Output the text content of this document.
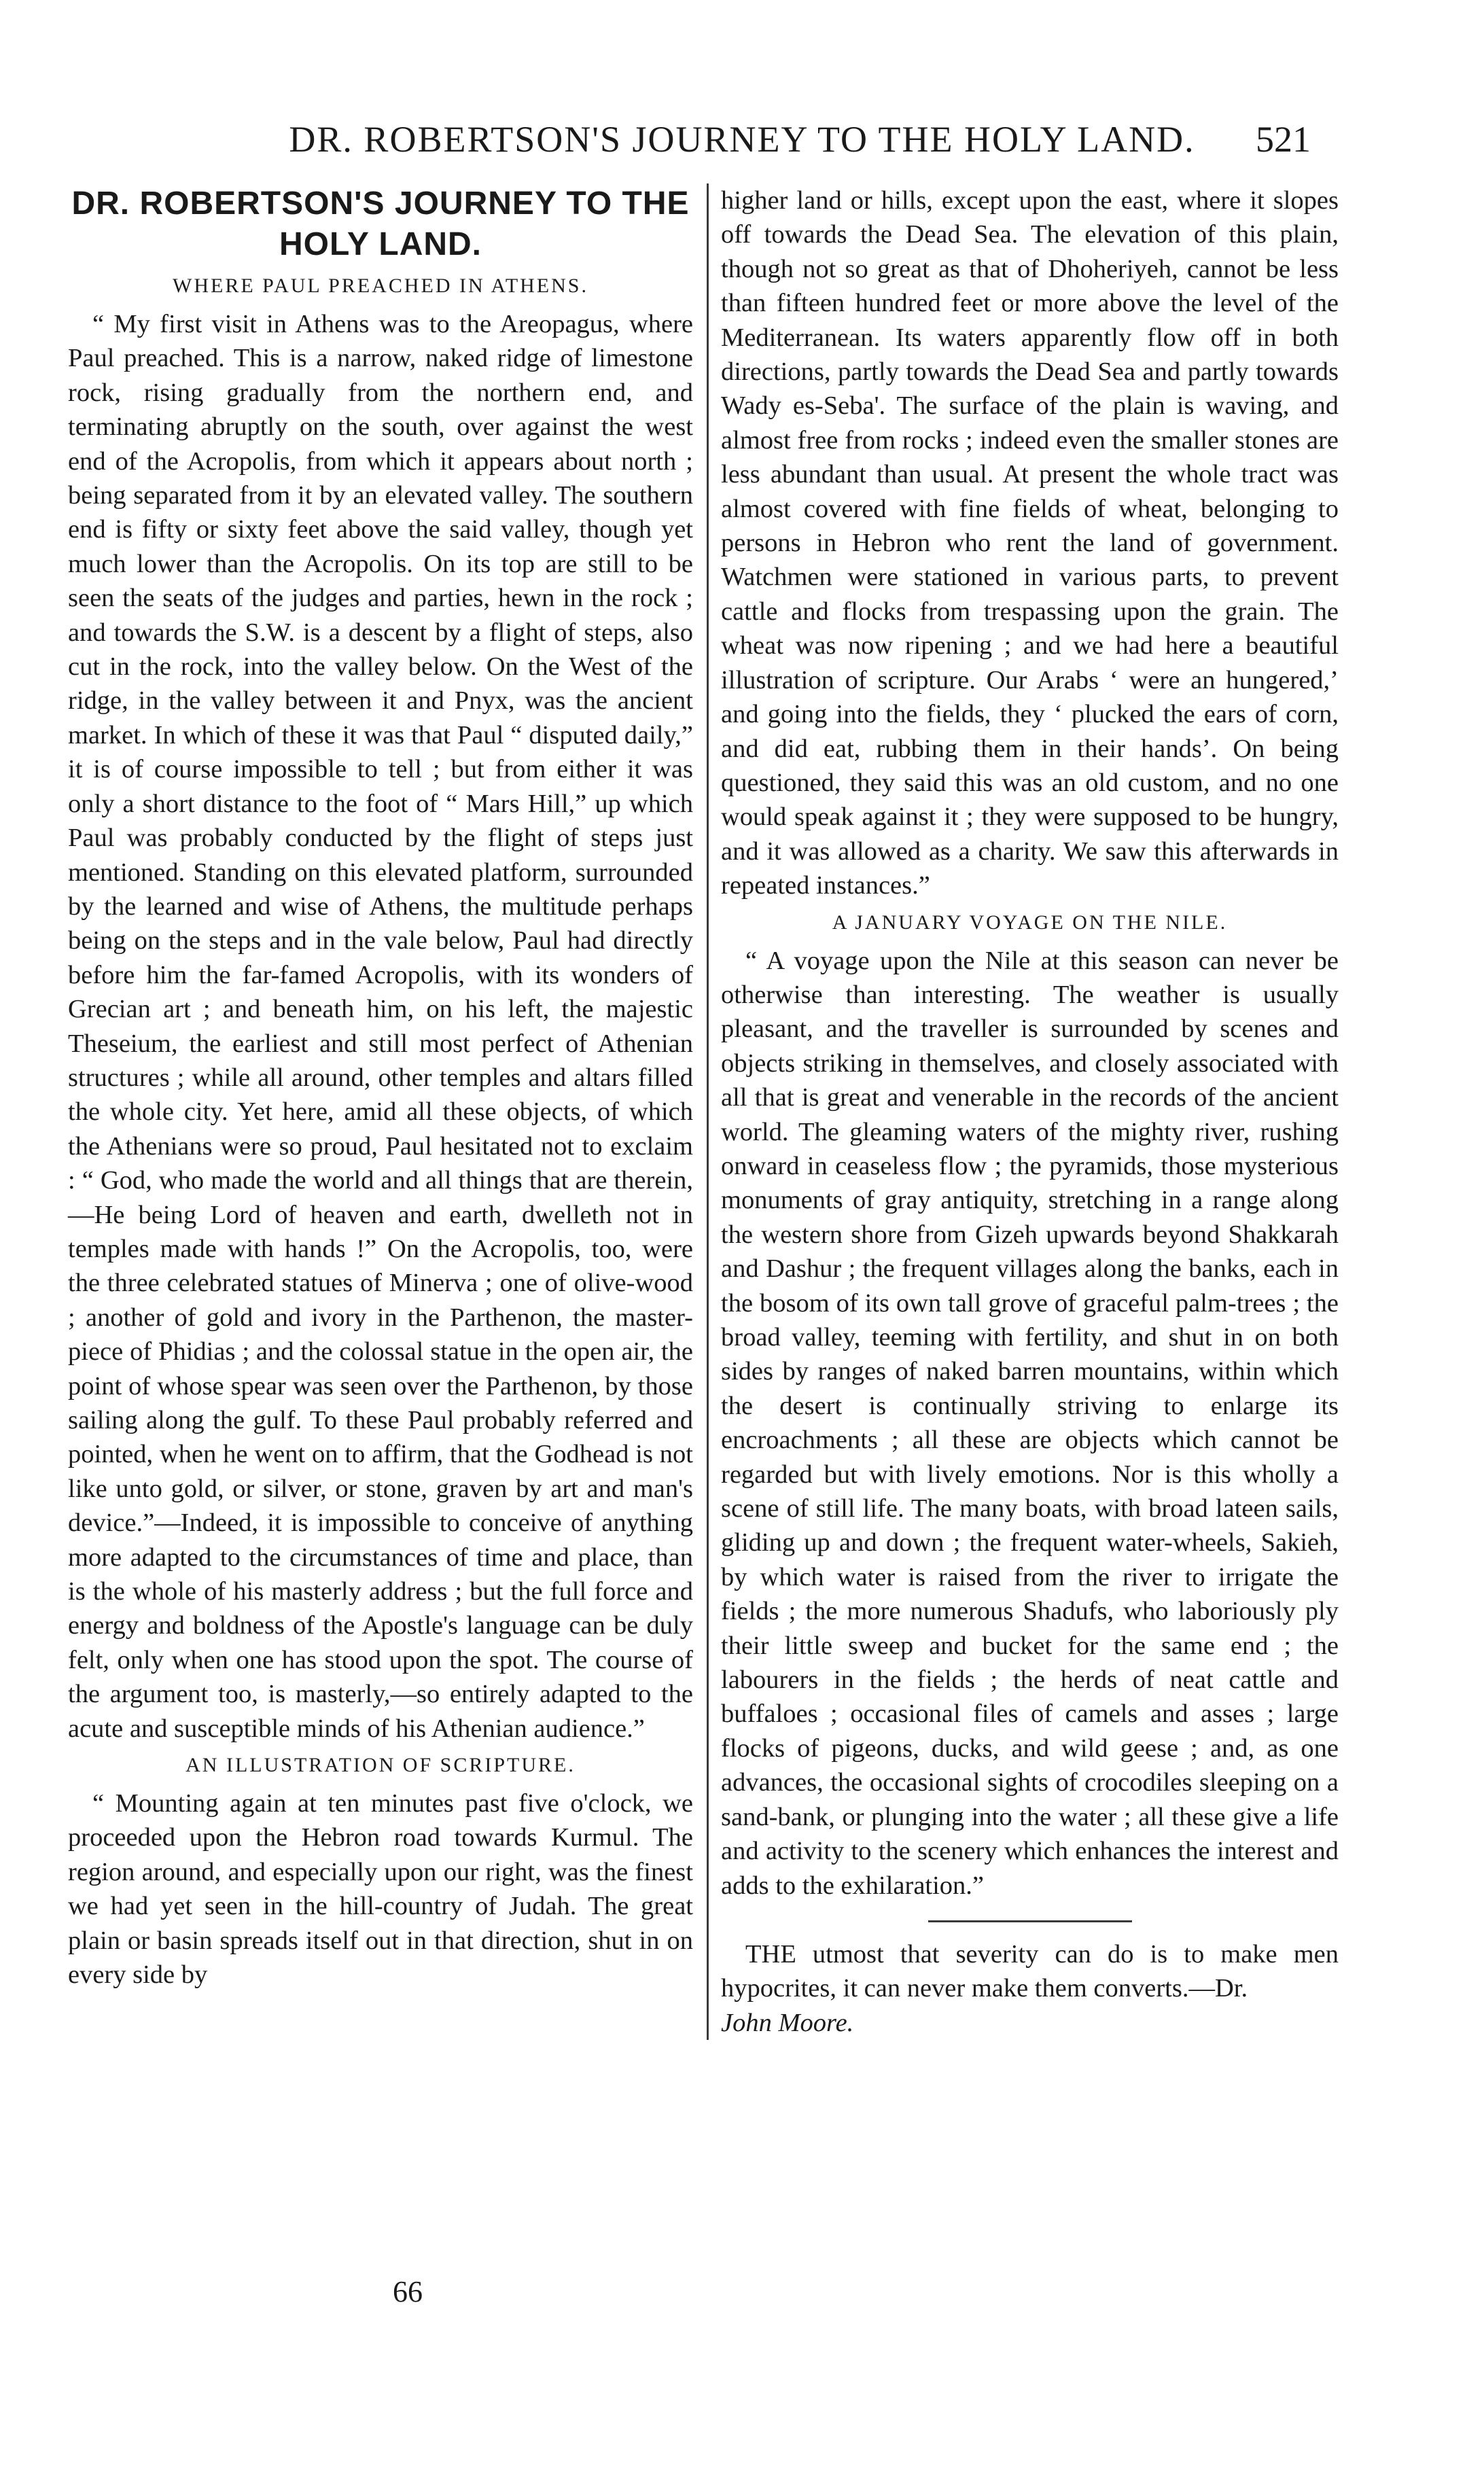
DR. ROBERTSON'S JOURNEY TO THE HOLY LAND.	521
DR. ROBERTSON'S JOURNEY TO THE HOLY LAND.
WHERE PAUL PREACHED IN ATHENS.

“ My first visit in Athens was to the Areopagus, where Paul preached. This is a narrow, naked ridge of limestone rock, rising gradually from the northern end, and terminating abruptly on the south, over against the west end of the Acropolis, from which it appears about north ; being separated from it by an elevated valley. The southern end is fifty or sixty feet above the said valley, though yet much lower than the Acropolis. On its top are still to be seen the seats of the judges and parties, hewn in the rock ; and towards the S.W. is a descent by a flight of steps, also cut in the rock, into the valley below. On the West of the ridge, in the valley between it and Pnyx, was the ancient market. In which of these it was that Paul “ disputed daily,” it is of course impossible to tell ; but from either it was only a short distance to the foot of “ Mars Hill,” up which Paul was probably conducted by the flight of steps just mentioned. Standing on this elevated platform, surrounded by the learned and wise of Athens, the multitude perhaps being on the steps and in the vale below, Paul had directly before him the far-famed Acropolis, with its wonders of Grecian art ; and beneath him, on his left, the majestic Theseium, the earliest and still most perfect of Athenian structures ; while all around, other temples and altars filled the whole city. Yet here, amid all these objects, of which the Athenians were so proud, Paul hesitated not to exclaim : “ God, who made the world and all things that are therein,—He being Lord of heaven and earth, dwelleth not in temples made with hands !” On the Acropolis, too, were the three celebrated statues of Minerva ; one of olive-wood ; another of gold and ivory in the Parthenon, the master-piece of Phidias ; and the colossal statue in the open air, the point of whose spear was seen over the Parthenon, by those sailing along the gulf. To these Paul probably referred and pointed, when he went on to affirm, that the Godhead is not like unto gold, or silver, or stone, graven by art and man's device.”—Indeed, it is impossible to conceive of anything more adapted to the circumstances of time and place, than is the whole of his masterly address ; but the full force and energy and boldness of the Apostle's language can be duly felt, only when one has stood upon the spot. The course of the argument too, is masterly,—so entirely adapted to the acute and susceptible minds of his Athenian audience.”

AN ILLUSTRATION OF SCRIPTURE.

“ Mounting again at ten minutes past five o'clock, we proceeded upon the Hebron road towards Kurmul. The region around, and especially upon our right, was the finest we had yet seen in the hill-country of Judah. The great plain or basin spreads itself out in that direction, shut in on every side by

higher land or hills, except upon the east, where it slopes off towards the Dead Sea. The elevation of this plain, though not so great as that of Dhoheriyeh, cannot be less than fifteen hundred feet or more above the level of the Mediterranean. Its waters apparently flow off in both directions, partly towards the Dead Sea and partly towards Wady es-Seba'. The surface of the plain is waving, and almost free from rocks ; indeed even the smaller stones are less abundant than usual. At present the whole tract was almost covered with fine fields of wheat, belonging to persons in Hebron who rent the land of government. Watchmen were stationed in various parts, to prevent cattle and flocks from trespassing upon the grain. The wheat was now ripening ; and we had here a beautiful illustration of scripture. Our Arabs ‘ were an hungered,’ and going into the fields, they ‘ plucked the ears of corn, and did eat, rubbing them in their hands’. On being questioned, they said this was an old custom, and no one would speak against it ; they were supposed to be hungry, and it was allowed as a charity. We saw this afterwards in repeated instances.”

A JANUARY VOYAGE ON THE NILE.

“ A voyage upon the Nile at this season can never be otherwise than interesting. The weather is usually pleasant, and the traveller is surrounded by scenes and objects striking in themselves, and closely associated with all that is great and venerable in the records of the ancient world. The gleaming waters of the mighty river, rushing onward in ceaseless flow ; the pyramids, those mysterious monuments of gray antiquity, stretching in a range along the western shore from Gizeh upwards beyond Shakkarah and Dashur ; the frequent villages along the banks, each in the bosom of its own tall grove of graceful palm-trees ; the broad valley, teeming with fertility, and shut in on both sides by ranges of naked barren mountains, within which the desert is continually striving to enlarge its encroachments ; all these are objects which cannot be regarded but with lively emotions. Nor is this wholly a scene of still life. The many boats, with broad lateen sails, gliding up and down ; the frequent water-wheels, Sakieh, by which water is raised from the river to irrigate the fields ; the more numerous Shadufs, who laboriously ply their little sweep and bucket for the same end ; the labourers in the fields ; the herds of neat cattle and buffaloes ; occasional files of camels and asses ; large flocks of pigeons, ducks, and wild geese ; and, as one advances, the occasional sights of crocodiles sleeping on a sand-bank, or plunging into the water ; all these give a life and activity to the scenery which enhances the interest and adds to the exhilaration.”

THE utmost that severity can do is to make men hypocrites, it can never make them converts.—Dr.

John Moore.

66
